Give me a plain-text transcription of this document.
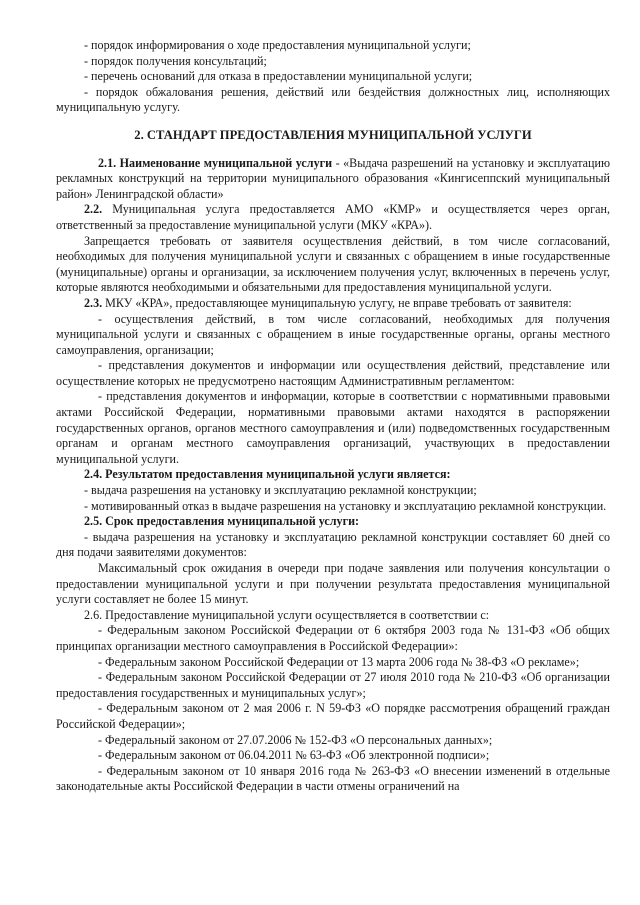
- порядок информирования о ходе предоставления муниципальной услуги;

- порядок получения консультаций;

- перечень оснований для отказа в предоставлении муниципальной услуги;

- порядок обжалования решения, действий или бездействия должностных лиц, исполняющих муниципальную услугу.

2. СТАНДАРТ ПРЕДОСТАВЛЕНИЯ МУНИЦИПАЛЬНОЙ УСЛУГИ

2.1. Наименование муниципальной услуги - «Выдача разрешений на установку и эксплуатацию рекламных конструкций на территории муниципального образования «Кингисеппский муниципальный район» Ленинградской области»

2.2. Муниципальная услуга предоставляется АМО «КМР» и осуществляется через орган, ответственный за предоставление муниципальной услуги (МКУ «КРА»).

Запрещается требовать от заявителя осуществления действий, в том числе согласований, необходимых для получения муниципальной услуги и связанных с обращением в иные государственные (муниципальные) органы и организации, за исключением получения услуг, включенных в перечень услуг, которые являются необходимыми и обязательными для предоставления муниципальной услуги.

2.3. МКУ «КРА», предоставляющее муниципальную услугу, не вправе требовать от заявителя:

- осуществления действий, в том числе согласований, необходимых для получения муниципальной услуги и связанных с обращением в иные государственные органы, органы местного самоуправления, организации;

- представления документов и информации или осуществления действий, представление или осуществление которых не предусмотрено настоящим Административным регламентом:

- представления документов и информации, которые в соответствии с нормативными правовыми актами Российской Федерации, нормативными правовыми актами находятся в распоряжении государственных органов, органов местного самоуправления и (или) подведомственных государственным органам и органам местного самоуправления организаций, участвующих в предоставлении муниципальной услуги.

2.4. Результатом предоставления муниципальной услуги является:

- выдача разрешения на установку и эксплуатацию рекламной конструкции;

- мотивированный отказ в выдаче разрешения на установку и эксплуатацию рекламной конструкции.

2.5. Срок предоставления муниципальной услуги:

- выдача разрешения на установку и эксплуатацию рекламной конструкции составляет 60 дней со дня подачи заявителями документов:

Максимальный срок ожидания в очереди при подаче заявления или получения консультации о предоставлении муниципальной услуги и при получении результата предоставления муниципальной услуги составляет не более 15 минут.

2.6. Предоставление муниципальной услуги осуществляется в соответствии с:

- Федеральным законом Российской Федерации от 6 октября 2003 года № 131-ФЗ «Об общих принципах организации местного самоуправления в Российской Федерации»:

- Федеральным законом Российской Федерации от 13 марта 2006 года № 38-ФЗ «О рекламе»;

- Федеральным законом Российской Федерации от 27 июля 2010 года № 210-ФЗ «Об организации предоставления государственных и муниципальных услуг»;

- Федеральным законом от 2 мая 2006 г. N 59-ФЗ «О порядке рассмотрения обращений граждан Российской Федерации»;

- Федеральный законом от 27.07.2006 № 152-ФЗ «О персональных данных»;

- Федеральным законом от 06.04.2011 № 63-ФЗ «Об электронной подписи»;

- Федеральным законом от 10 января 2016 года № 263-ФЗ «О внесении изменений в отдельные законодательные акты Российской Федерации в части отмены ограничений на
